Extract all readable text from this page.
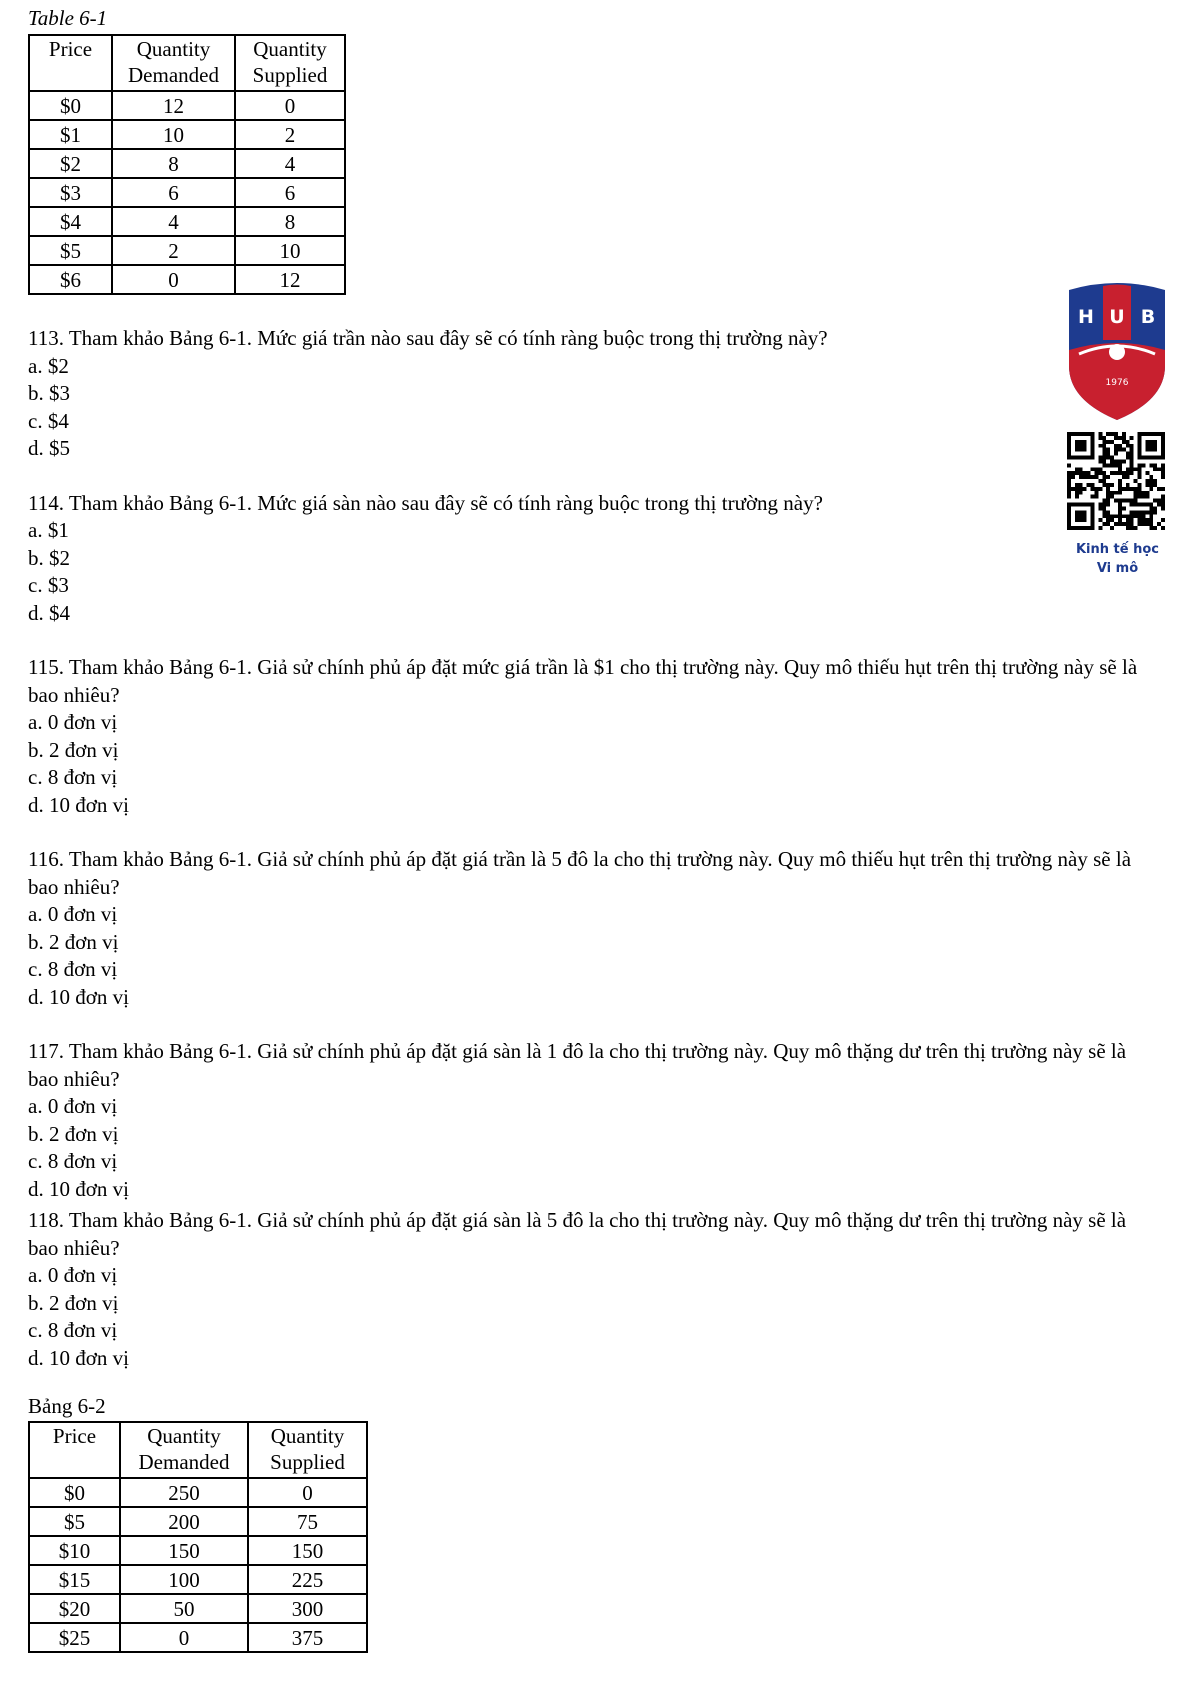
Table 6-1
Price	Quantity Demanded	Quantity Supplied
$0	12	0
$1	10	2
$2	8	4
$3	6	6
$4	4	8
$5	2	10
$6	0	12
113. Tham khảo Bảng 6-1. Mức giá trần nào sau đây sẽ có tính ràng buộc trong thị trường này?
a. $2
b. $3
c. $4
d. $5
114. Tham khảo Bảng 6-1. Mức giá sàn nào sau đây sẽ có tính ràng buộc trong thị trường này?
a. $1
b. $2
c. $3
d. $4
115. Tham khảo Bảng 6-1. Giả sử chính phủ áp đặt mức giá trần là $1 cho thị trường này. Quy mô thiếu hụt trên thị trường này sẽ là bao nhiêu?
a. 0 đơn vị
b. 2 đơn vị
c. 8 đơn vị
d. 10 đơn vị
116. Tham khảo Bảng 6-1. Giả sử chính phủ áp đặt giá trần là 5 đô la cho thị trường này. Quy mô thiếu hụt trên thị trường này sẽ là bao nhiêu?
a. 0 đơn vị
b. 2 đơn vị
c. 8 đơn vị
d. 10 đơn vị
117. Tham khảo Bảng 6-1. Giả sử chính phủ áp đặt giá sàn là 1 đô la cho thị trường này. Quy mô thặng dư trên thị trường này sẽ là bao nhiêu?
a. 0 đơn vị
b. 2 đơn vị
c. 8 đơn vị
d. 10 đơn vị
118. Tham khảo Bảng 6-1. Giả sử chính phủ áp đặt giá sàn là 5 đô la cho thị trường này. Quy mô thặng dư trên thị trường này sẽ là bao nhiêu?
a. 0 đơn vị
b. 2 đơn vị
c. 8 đơn vị
d. 10 đơn vị
Bảng 6-2
Price	Quantity Demanded	Quantity Supplied
$0	250	0
$5	200	75
$10	150	150
$15	100	225
$20	50	300
$25	0	375
H U B
1976
Kinh tế học
Vi mô
